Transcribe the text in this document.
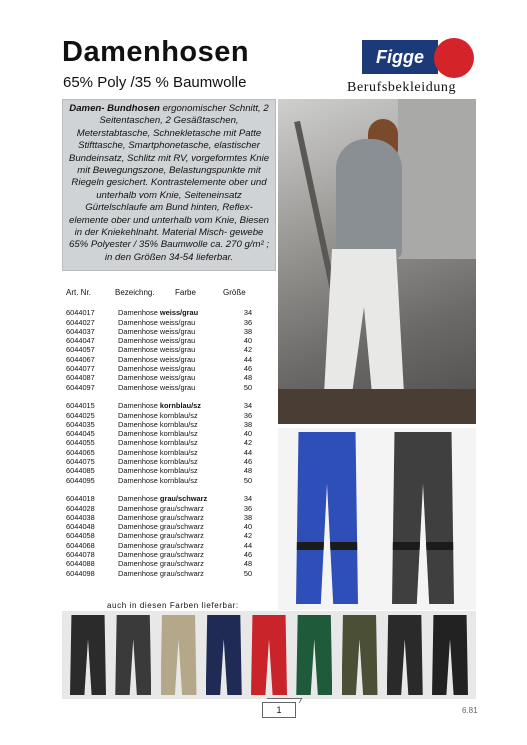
Damenhosen
65% Poly /35 % Baumwolle
Figge
Berufsbekleidung
Damen- Bundhosen ergonomischer Schnitt, 2 Seitentaschen, 2 Gesäßtaschen, Meterstabtasche, Schnekletasche mit Patte Stifttasche, Smartphonetasche, elastischer Bundeinsatz, Schlitz mit RV, vorgeformtes Knie mit Bewegungszone, Belastungspunkte mit Riegeln gesichert. Kontrastelemente ober und unterhalb vom Knie, Seiteneinsatz Gürtelschlaufe am Bund hinten, Reflex- elemente ober und unterhalb vom Knie, Biesen in der Kniekehlnaht. Material Misch- gewebe 65% Polyester / 35% Baumwolle ca. 270 g/m² ; in den Größen 34-54 lieferbar.
Art. Nr.	Bezeichng.	Farbe	Größe
6044017	Damenhose weiss/grau	34
6044027	Damenhose weiss/grau	36
6044037	Damenhose weiss/grau	38
6044047	Damenhose weiss/grau	40
6044057	Damenhose weiss/grau	42
6044067	Damenhose weiss/grau	44
6044077	Damenhose weiss/grau	46
6044087	Damenhose weiss/grau	48
6044097	Damenhose weiss/grau	50
6044015	Damenhose kornblau/sz	34
6044025	Damenhose kornblau/sz	36
6044035	Damenhose kornblau/sz	38
6044045	Damenhose kornblau/sz	40
6044055	Damenhose kornblau/sz	42
6044065	Damenhose kornblau/sz	44
6044075	Damenhose kornblau/sz	46
6044085	Damenhose kornblau/sz	48
6044095	Damenhose kornblau/sz	50
6044018	Damenhose grau/schwarz	34
6044028	Damenhose grau/schwarz	36
6044038	Damenhose grau/schwarz	38
6044048	Damenhose grau/schwarz	40
6044058	Damenhose grau/schwarz	42
6044068	Damenhose grau/schwarz	44
6044078	Damenhose grau/schwarz	46
6044088	Damenhose grau/schwarz	48
6044098	Damenhose grau/schwarz	50
auch in diesen Farben lieferbar:
1	6.81
